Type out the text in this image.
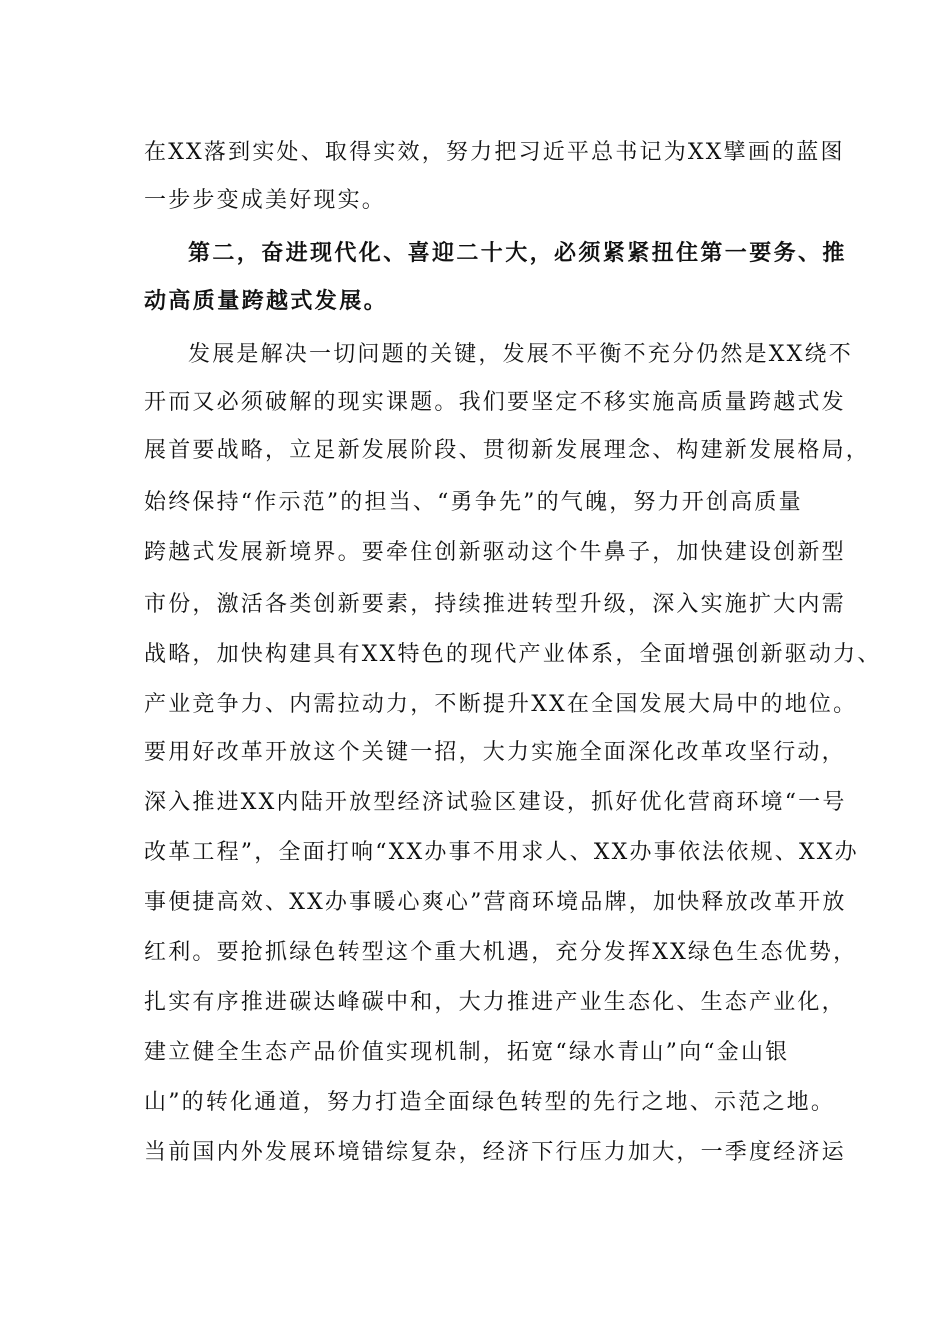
在XX落到实处、取得实效，努力把习近平总书记为XX擘画的蓝图

一步步变成美好现实。

第二，奋进现代化、喜迎二十大，必须紧紧扭住第一要务、推

动高质量跨越式发展。

发展是解决一切问题的关键，发展不平衡不充分仍然是XX绕不

开而又必须破解的现实课题。我们要坚定不移实施高质量跨越式发

展首要战略，立足新发展阶段、贯彻新发展理念、构建新发展格局，

始终保持“作示范”的担当、“勇争先”的气魄，努力开创高质量

跨越式发展新境界。要牵住创新驱动这个牛鼻子，加快建设创新型

市份，激活各类创新要素，持续推进转型升级，深入实施扩大内需

战略，加快构建具有XX特色的现代产业体系，全面增强创新驱动力、

产业竞争力、内需拉动力，不断提升XX在全国发展大局中的地位。

要用好改革开放这个关键一招，大力实施全面深化改革攻坚行动，

深入推进XX内陆开放型经济试验区建设，抓好优化营商环境“一号

改革工程”，全面打响“XX办事不用求人、XX办事依法依规、XX办

事便捷高效、XX办事暖心爽心”营商环境品牌，加快释放改革开放

红利。要抢抓绿色转型这个重大机遇，充分发挥XX绿色生态优势，

扎实有序推进碳达峰碳中和，大力推进产业生态化、生态产业化，

建立健全生态产品价值实现机制，拓宽“绿水青山”向“金山银

山”的转化通道，努力打造全面绿色转型的先行之地、示范之地。

当前国内外发展环境错综复杂，经济下行压力加大，一季度经济运
